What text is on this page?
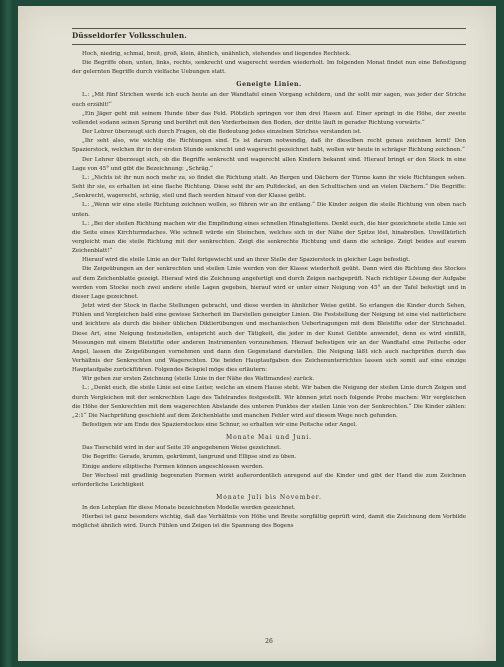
Düsseldorfer Volksschulen.

Hoch, niedrig, schmal, breit, groß, klein, ähnlich, unähnlich, stehendes und liegendes Rechteck.

Die Begriffe oben, unten, links, rechts, senkrecht und wagerecht werden wiederholt. Im folgenden Monat findet nun eine Befestigung der gelernten Begriffe durch vielfache Uebungen statt.

Geneigte Linien.

L.: „Mit fünf Strichen werde ich euch heute an der Wandtafel einen Vorgang schildern, und ihr sollt mir sagen, was jeder der Striche euch erzählt!“

„Ein Jäger geht mit seinem Hunde über das Feld. Plötzlich springen vor ihm drei Hasen auf. Einer springt in die Höhe, der zweite vollendet sodann seinen Sprung und berührt mit den Vorderbeinen den Boden, der dritte läuft in gerader Richtung vorwärts.“

Der Lehrer überzeugt sich durch Fragen, ob die Bedeutung jedes einzelnen Striches verstanden ist.

„Ihr seht also, wie wichtig die Richtungen sind. Es ist darum notwendig, daß ihr dieselben recht genau zeichnen lernt! Den Spazierstock, welchen ihr in der ersten Stunde senkrecht und wagerecht gezeichnet habt, wollen wir heute in schräger Richtung zeichnen.“

Der Lehrer überzeugt sich, ob die Begriffe senkrecht und wagerecht allen Kindern bekannt sind. Hierauf bringt er den Stock in eine Lage von 45° und gibt die Bezeichnung: „Schräg.“

L.: „Nichts ist ihr nun noch mehr zu, so findet die Richtung statt. An Bergen und Dächern der Türme kann ihr viele Richtungen sehen. Seht ihr sie, es erhalten ist eine flache Richtung. Diese seht ihr am Pultdeckel, an den Schultischen und an vielen Dächern.“ Die Begriffe: „Senkrecht, wagerecht, schräg, steil und flach werden hinauf von der Klasse geübt.

L.: „Wenn wir eine steile Richtung zeichnen wollen, so führen wir an ihr entlang.“ Die Kinder zeigen die steile Richtung von oben nach unten.

L.: „Bei der steilen Richtung machen wir die Empfindung eines schnellen Hinabgleitens. Denkt euch, die hier gezeichnete steile Linie sei die Seite eines Kirchturmdaches. Wie schnell würde ein Steinchen, welches sich in der Nähe der Spitze löst, hinabrollen. Unwillkürlich vergleicht man die steile Richtung mit der senkrechten. Zeigt die senkrechte Richtung und dann die schräge. Zeigt beides auf eurem Zeichenblatt!“

Hierauf wird die steile Linie an der Tafel fortgewischt und an ihrer Stelle der Spazierstock in gleicher Lage befestigt.

Die Zeigeübungen an der senkrechten und steilen Linie werden von der Klasse wiederholt geübt. Dann wird die Richtung des Stockes auf dem Zeichenblatte gezeigt. Hierauf wird die Zeichnung angefertigt und durch Zeigen nachgeprüft. Nach richtiger Lösung der Aufgabe werden vom Stocke noch zwei andere steile Lagen gegeben, hierauf wird er unter einer Neigung von 45° an der Tafel befestigt und in dieser Lage gezeichnet.

Jetzt wird der Stock in flache Stellungen gebracht, und diese werden in ähnlicher Weise geübt. So erlangen die Kinder durch Sehen, Fühlen und Vergleichen bald eine gewisse Sicherheit im Darstellen geneigter Linien. Die Feststellung der Neigung ist eine viel natürlichere und leichtere als durch die bisher üblichen Diktierübungen und mechanischen Uebertragungen mit dem Bleistifte oder der Strichnadel. Diese Art, eine Neigung festzustellen, entspricht auch der Tätigkeit, die jeder in der Kunst Geübte anwendet, denn es wird einfällt, Messungen mit einem Bleistifte oder anderen Instrumenten vorzunehmen. Hierauf befestigen wir an der Wandtafel eine Peitsche oder Angel, lassen die Zeigeübungen vornehmen und dann den Gegenstand darstellen. Die Neigung läßt sich auch nachprüfen durch das Verhältnis der Senkrechten und Wagerechten. Die beiden Hauptaufgaben des Zeichenunterrichtes lassen sich somit auf eine einzige Hauptaufgabe zurückführen. Folgendes Beispiel möge dies erläutern:

Wir gehen zur ersten Zeichnung (steile Linie in der Nähe des Wattmandes) zurück.

L.: „Denkt euch, die steile Linie sei eine Leiter, welche an einem Hause steht. Wir haben die Neigung der steilen Linie durch Zeigen und durch Vergleichen mit der senkrechten Lage des Tafelrandes festgestellt. Wir können jetzt noch folgende Probe machen: Wir vergleichen die Höhe der Senkrechten mit dem wagerechten Abstande des unteren Punktes der steilen Linie von der Senkrechten.“ Die Kinder zählen: „2:1“ Die Nachprüfung geschieht auf dem Zeichenblatte und manchen Fehler wird auf diesem Wege noch gefunden.

Befestigen wir am Ende des Spazierstockes eine Schnur, so erhalten wir eine Peitsche oder Angel.

Monate Mai und Juni.

Das Tierschild wird in der auf Seite 39 angegebenen Weise gezeichnet.

Die Begriffe: Gerade, krumm, gekrümmt, langrund und Ellipse sind zu üben.

Einige andere elliptische Formen können angeschlossen werden.

Der Wechsel mit gradlinig begrenzten Formen wirkt außerordentlich anregend auf die Kinder und gibt der Hand die zum Zeichnen erforderliche Leichtigkeit

Monate Juli bis November.

In den Lehrplan für diese Monate bezeichneten Modelle werden gezeichnet.

Hierbei ist ganz besonders wichtig, daß das Verhältnis von Höhe und Breite sorgfältig geprüft wird, damit die Zeichnung dem Vorbilde möglichst ähnlich wird. Durch Fühlen und Zeigen ist die Spannung des Bogens

26
